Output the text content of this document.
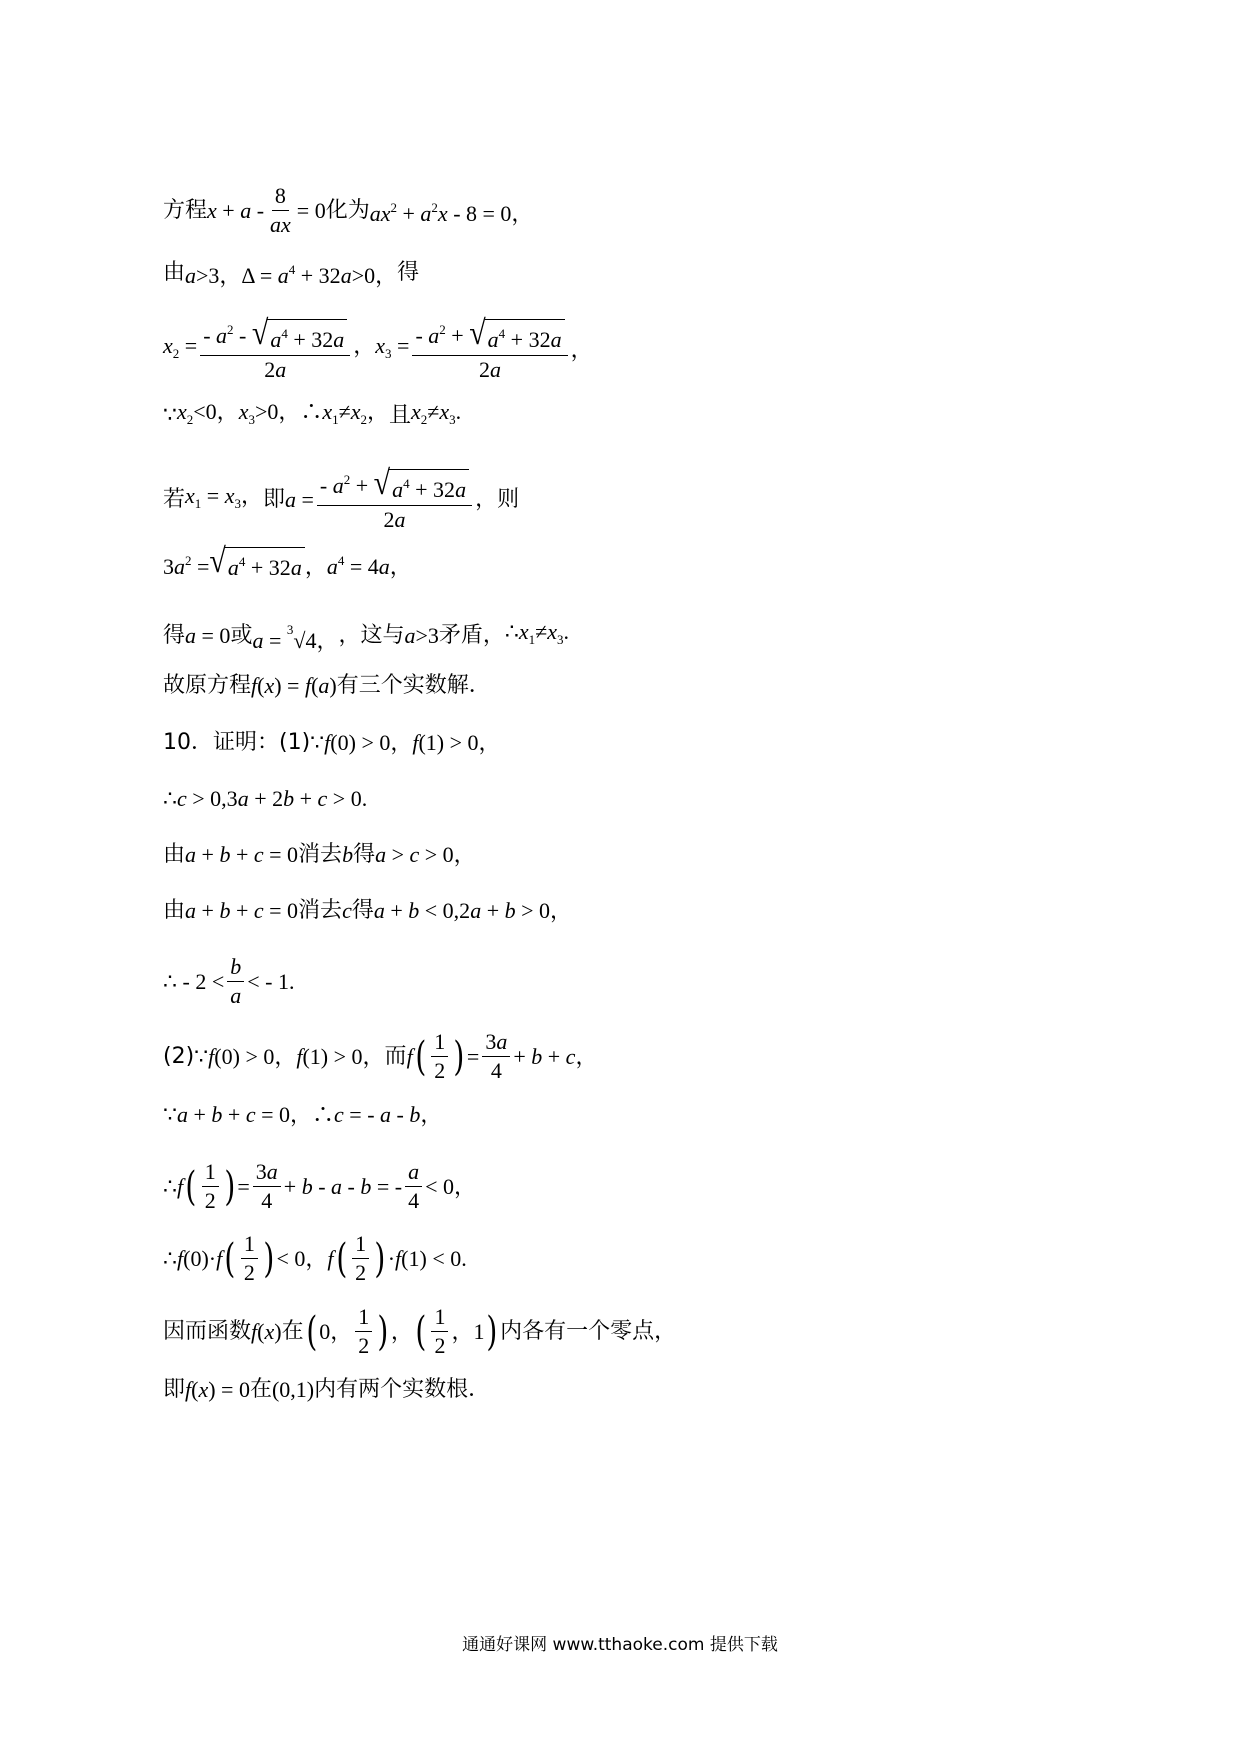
方程 $x + a - \frac{8}{ax} = 0$ 化为 $ax^2 + a^2x - 8 = 0$，
由 a>3，$\Delta = a^4 + 32a>0$， 得
$x_2 = \frac{- a^2 - √ a^4 + 32a}{2a}$ ，$x_3 = \frac{- a^2 + √ a^4 + 32a}{2a}$ ，
∵ $x_2<0$，$x_3>0$，$\therefore x_1\ne x_2$， 且 $x_2\ne x_3$.
若 $x_1 = x_3$， 即 $a = \frac{- a^2 + √ a^4 + 32a}{2a}$ ，则
$3a^2$ = √ $a^4 + 32a$ ，$a^4 = 4a$，
得 a = 0 或 a = $^3$√4， ，这与 a>3 矛盾， $\therefore x_1\ne x_3$.
故原方程 f(x) = f(a) 有三个实数解．
10．证明：(1) ∵f(0) > 0，f(1) > 0，
∴c > 0,3a + 2b + c > 0.
由 a + b + c = 0 消去 b 得 a > c > 0，
由 a + b + c = 0 消去 c 得 a + b < 0,2a + b > 0，
∴ - $2 < \frac{b}{a}$ < - 1.
(2) ∵f(0) > 0，f(1) > 0， 而 f ( $\frac{1}{2}$ ) = $\frac{3a}{4} + b + c$，
∵a + b + c = 0，∴c = - a - b，
∴f ( $\frac{1}{2}$ ) = $\frac{3a}{4} + b - a - b$ = - $\frac{a}{4} < 0$，
∴f(0)·f ( $\frac{1}{2}$ ) < 0，f ( $\frac{1}{2}$ ) ·f(1) < 0.
因而函数 f(x) 在 ( 0， $\frac{1}{2}$ ) ， ( $\frac{1}{2}$ ，1 ) 内各有一个零点，
即 f(x) = 0 在 (0,1) 内有两个实数根．
通通好课网 www.tthaoke.com 提供下载
